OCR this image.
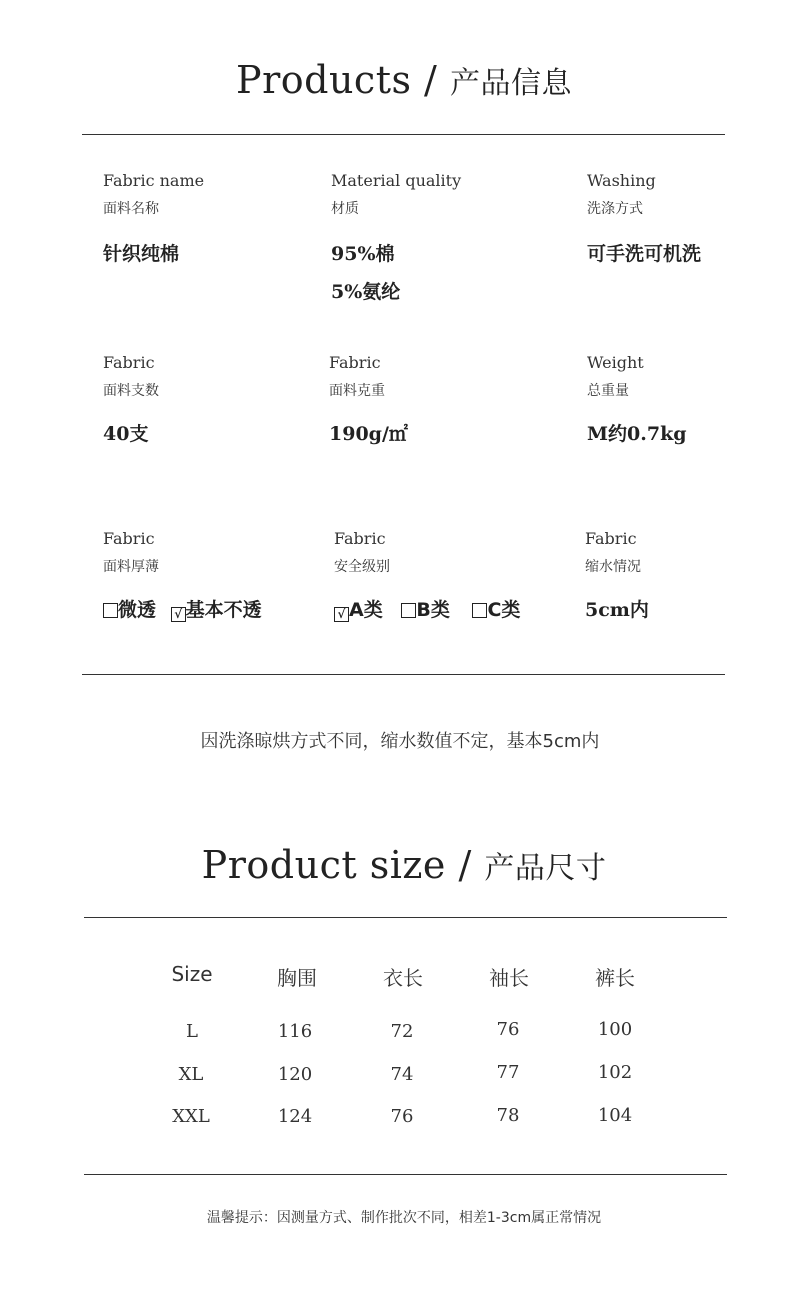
Products / 产品信息
Fabric name
面料名称
针织纯棉
Material quality
材质
95%棉
5%氨纶
Washing
洗涤方式
可手洗可机洗
Fabric
面料支数
40支
Fabric
面料克重
190g/㎡
Weight
总重量
M约0.7kg
Fabric
面料厚薄
微透 √ 基本不透
Fabric
安全级别
√ A类 B类 C类
Fabric
缩水情况
5cm内
因洗涤晾烘方式不同，缩水数值不定，基本5cm内
Product size / 产品尺寸
Size	胸围	衣长	袖长	裤长
L	116	72	76	100
XL	120	74	77	102
XXL	124	76	78	104
温馨提示：因测量方式、制作批次不同，相差1-3cm属正常情况
